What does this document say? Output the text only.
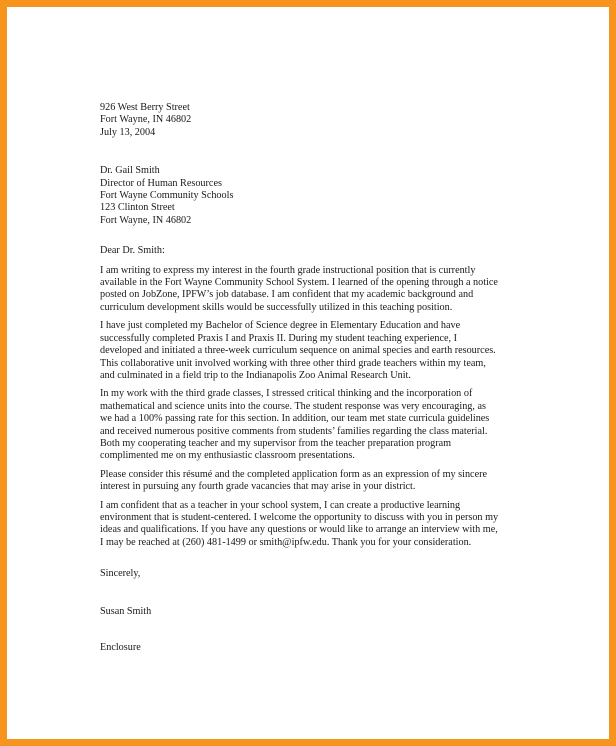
926 West Berry Street
Fort Wayne, IN 46802
July 13, 2004
Dr. Gail Smith
Director of Human Resources
Fort Wayne Community Schools
123 Clinton Street
Fort Wayne, IN 46802
Dear Dr. Smith:
I am writing to express my interest in the fourth grade instructional position that is currently
available in the Fort Wayne Community School System. I learned of the opening through a notice
posted on JobZone, IPFW’s job database. I am confident that my academic background and
curriculum development skills would be successfully utilized in this teaching position.
I have just completed my Bachelor of Science degree in Elementary Education and have
successfully completed Praxis I and Praxis II. During my student teaching experience, I
developed and initiated a three-week curriculum sequence on animal species and earth resources.
This collaborative unit involved working with three other third grade teachers within my team,
and culminated in a field trip to the Indianapolis Zoo Animal Research Unit.
In my work with the third grade classes, I stressed critical thinking and the incorporation of
mathematical and science units into the course. The student response was very encouraging, as
we had a 100% passing rate for this section. In addition, our team met state curricula guidelines
and received numerous positive comments from students’ families regarding the class material.
Both my cooperating teacher and my supervisor from the teacher preparation program
complimented me on my enthusiastic classroom presentations.
Please consider this résumé and the completed application form as an expression of my sincere
interest in pursuing any fourth grade vacancies that may arise in your district.
I am confident that as a teacher in your school system, I can create a productive learning
environment that is student-centered. I welcome the opportunity to discuss with you in person my
ideas and qualifications. If you have any questions or would like to arrange an interview with me,
I may be reached at (260) 481-1499 or smith@ipfw.edu. Thank you for your consideration.
Sincerely,
Susan Smith
Enclosure
